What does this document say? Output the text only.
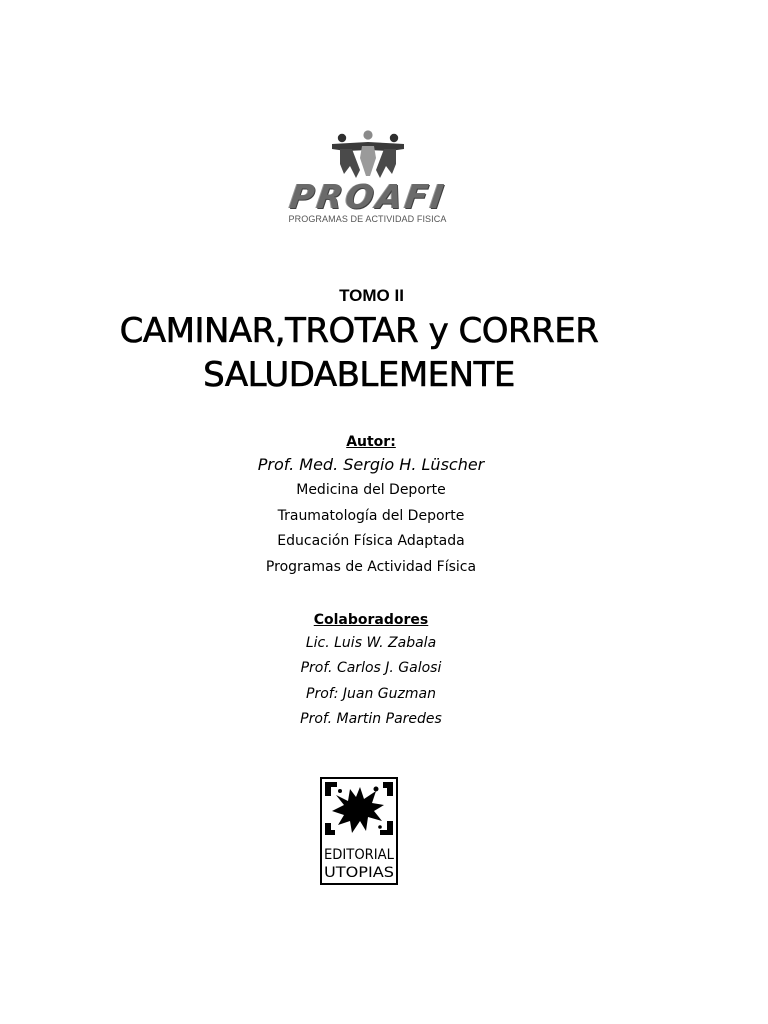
PROAFI
PROGRAMAS DE ACTIVIDAD FISICA
TOMO II
CAMINAR,TROTAR y CORRER
SALUDABLEMENTE
Autor:
Prof. Med. Sergio H. Lüscher
Medicina del Deporte
Traumatología del Deporte
Educación Física Adaptada
Programas de Actividad Física
Colaboradores
Lic. Luis W. Zabala
Prof. Carlos J. Galosi
Prof: Juan Guzman
Prof. Martin Paredes
EDITORIAL
UTOPIAS
